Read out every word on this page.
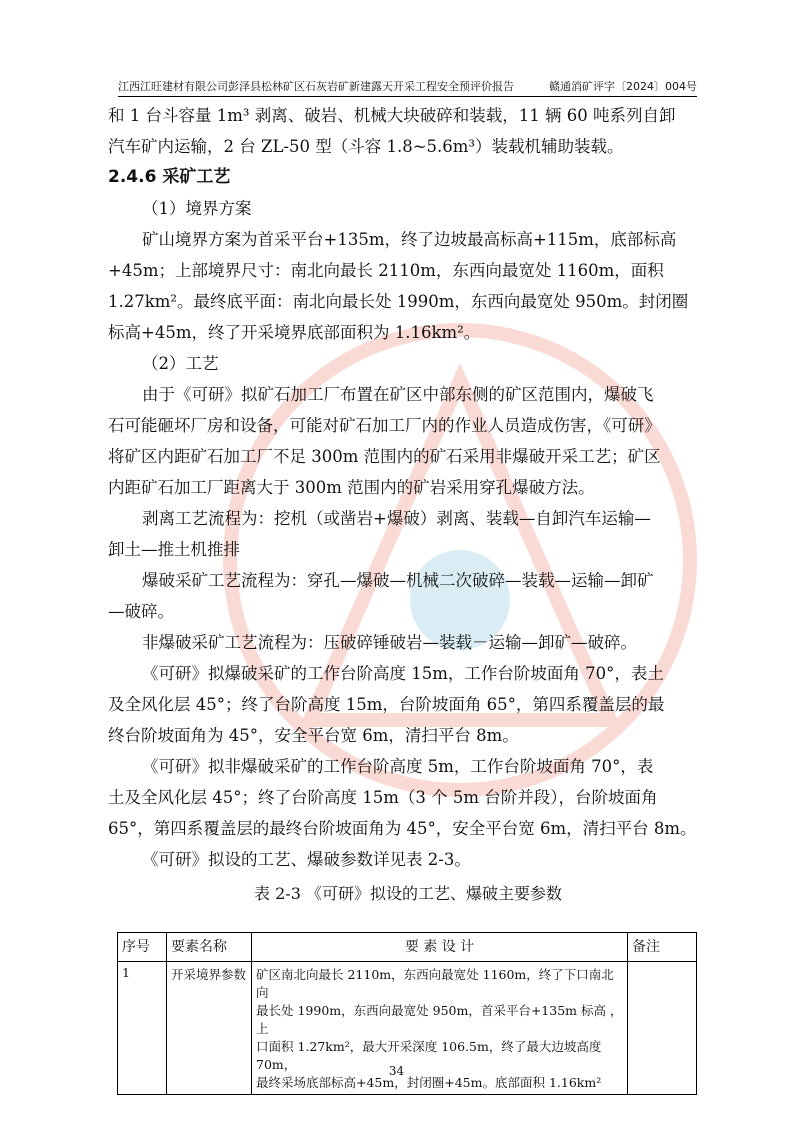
江西江旺建材有限公司彭泽县松林矿区石灰岩矿新建露天开采工程安全预评价报告	赣通消矿评字〔2024〕004号

和 1 台斗容量 1m³ 剥离、破岩、机械大块破碎和装载，11 辆 60 吨系列自卸

汽车矿内运输，2 台 ZL-50 型（斗容 1.8~5.6m³）装载机辅助装载。

2.4.6 采矿工艺

（1）境界方案

矿山境界方案为首采平台+135m，终了边坡最高标高+115m，底部标高

+45m；上部境界尺寸：南北向最长 2110m，东西向最宽处 1160m，面积

1.27km²。最终底平面：南北向最长处 1990m，东西向最宽处 950m。封闭圈

标高+45m，终了开采境界底部面积为 1.16km²。

（2）工艺

由于《可研》拟矿石加工厂布置在矿区中部东侧的矿区范围内，爆破飞

石可能砸坏厂房和设备，可能对矿石加工厂内的作业人员造成伤害，《可研》

将矿区内距矿石加工厂不足 300m 范围内的矿石采用非爆破开采工艺；矿区

内距矿石加工厂距离大于 300m 范围内的矿岩采用穿孔爆破方法。

剥离工艺流程为：挖机（或凿岩+爆破）剥离、装载—自卸汽车运输—

卸土—推土机推排

爆破采矿工艺流程为：穿孔—爆破—机械二次破碎—装载—运输—卸矿

—破碎。

非爆破采矿工艺流程为：压破碎锤破岩—装载－运输—卸矿—破碎。

《可研》拟爆破采矿的工作台阶高度 15m，工作台阶坡面角 70°，表土

及全风化层 45°；终了台阶高度 15m，台阶坡面角 65°，第四系覆盖层的最

终台阶坡面角为 45°，安全平台宽 6m，清扫平台 8m。

《可研》拟非爆破采矿的工作台阶高度 5m，工作台阶坡面角 70°，表

土及全风化层 45°；终了台阶高度 15m（3 个 5m 台阶并段），台阶坡面角

65°，第四系覆盖层的最终台阶坡面角为 45°，安全平台宽 6m，清扫平台 8m。

《可研》拟设的工艺、爆破参数详见表 2-3。

表 2-3 《可研》拟设的工艺、爆破主要参数

序号	要素名称	要 素 设 计	备注
1	开采境界参数	矿区南北向最长 2110m，东西向最宽处 1160m，终了下口南北向
最长处 1990m，东西向最宽处 950m，首采平台+135m 标高 ，上
口面积 1.27km²，最大开采深度 106.5m，终了最大边坡高度 70m，
最终采场底部标高+45m，封闭圈+45m。底部面积 1.16km²	

34
